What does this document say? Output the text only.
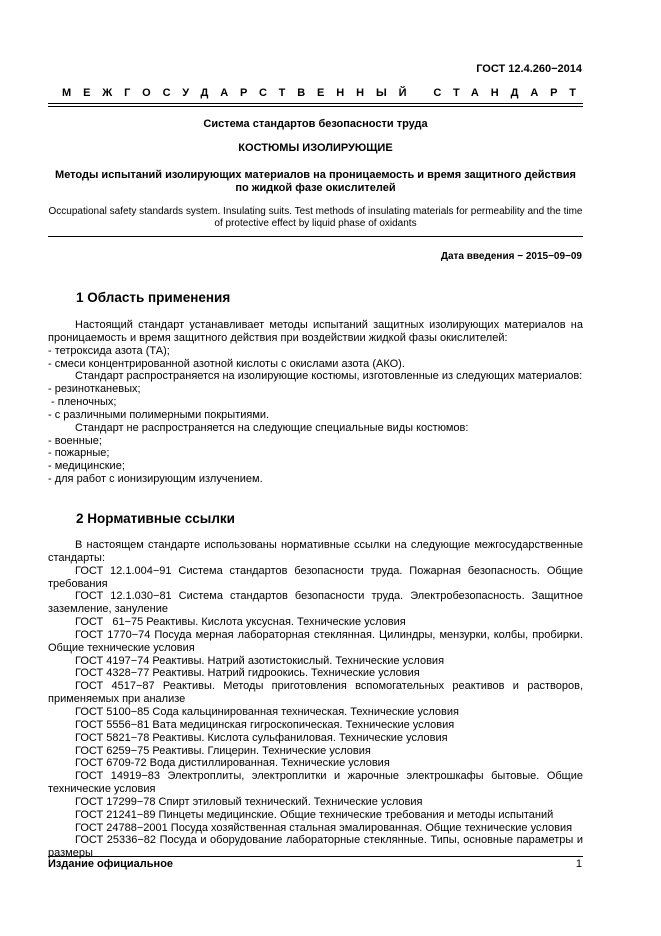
ГОСТ 12.4.260−2014
МЕЖГОСУДАРСТВЕННЫЙ СТАНДАРТ
Система стандартов безопасности труда
КОСТЮМЫ ИЗОЛИРУЮЩИЕ
Методы испытаний изолирующих материалов на проницаемость и время защитного действия по жидкой фазе окислителей
Occupational safety standards system. Insulating suits. Test methods of insulating materials for permeability and the time of protective effect by liquid phase of oxidants
Дата введения − 2015−09−09
1 Область применения

Настоящий стандарт устанавливает методы испытаний защитных изолирующих материалов на проницаемость и время защитного действия при воздействии жидкой фазы окислителей:

- тетроксида азота (ТА);

- смеси концентрированной азотной кислоты с окислами азота (АКО).

Стандарт распространяется на изолирующие костюмы, изготовленные из следующих материалов:

- резинотканевых;

- пленочных;

- с различными полимерными покрытиями.

Стандарт не распространяется на следующие специальные виды костюмов:

- военные;

- пожарные;

- медицинские;

- для работ с ионизирующим излучением.

2 Нормативные ссылки

В настоящем стандарте использованы нормативные ссылки на следующие межгосударственные стандарты:

ГОСТ 12.1.004−91 Система стандартов безопасности труда. Пожарная безопасность. Общие требования

ГОСТ 12.1.030−81 Система стандартов безопасности труда. Электробезопасность. Защитное заземление, зануление

ГОСТ   61−75 Реактивы. Кислота уксусная. Технические условия

ГОСТ 1770−74 Посуда мерная лабораторная стеклянная. Цилиндры, мензурки, колбы, пробирки. Общие технические условия

ГОСТ 4197−74 Реактивы. Натрий азотистокислый. Технические условия

ГОСТ 4328−77 Реактивы. Натрий гидроокись. Технические условия

ГОСТ 4517−87 Реактивы. Методы приготовления вспомогательных реактивов и растворов, применяемых при анализе

ГОСТ 5100−85 Сода кальцинированная техническая. Технические условия

ГОСТ 5556−81 Вата медицинская гигроскопическая. Технические условия

ГОСТ 5821−78 Реактивы. Кислота сульфаниловая. Технические условия

ГОСТ 6259−75 Реактивы. Глицерин. Технические условия

ГОСТ 6709-72 Вода дистиллированная. Технические условия

ГОСТ 14919−83 Электроплиты, электроплитки и жарочные электрошкафы бытовые. Общие технические условия

ГОСТ 17299−78 Спирт этиловый технический. Технические условия

ГОСТ 21241−89 Пинцеты медицинские. Общие технические требования и методы испытаний

ГОСТ 24788−2001 Посуда хозяйственная стальная эмалированная. Общие технические условия

ГОСТ 25336−82 Посуда и оборудование лабораторные стеклянные. Типы, основные параметры и размеры

Издание официальное	1
